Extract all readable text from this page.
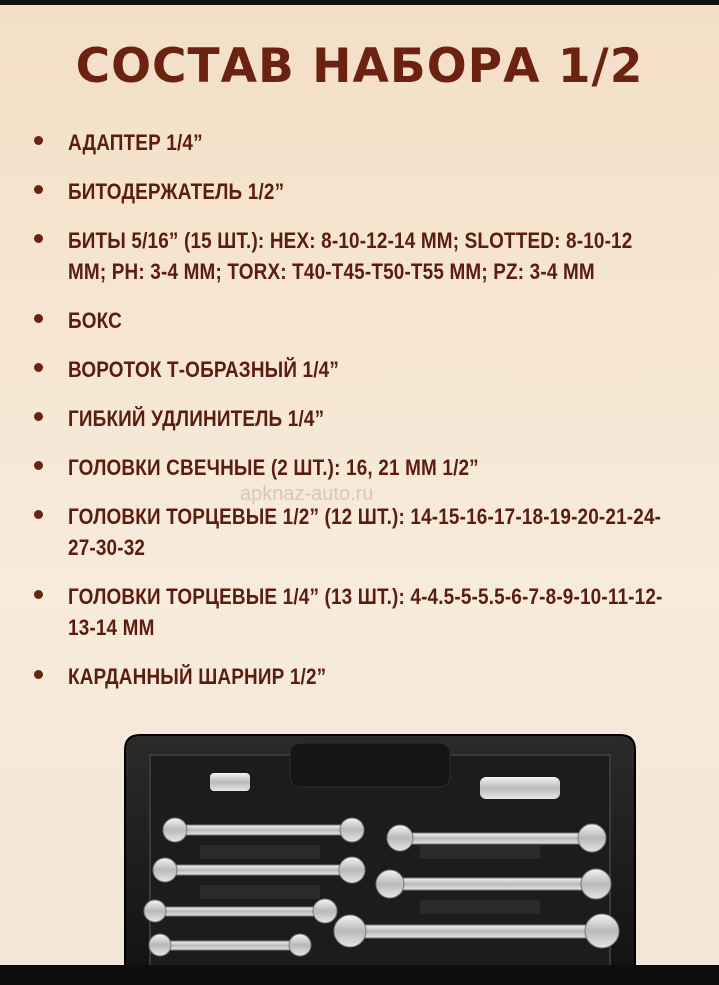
СОСТАВ НАБОРА 1/2
АДАПТЕР 1/4”
БИТОДЕРЖАТЕЛЬ 1/2”
БИТЫ 5/16” (15 ШТ.): HEX: 8-10-12-14 ММ; SLOTTED: 8-10-12 ММ; PH: 3-4 ММ; TORX: T40-T45-T50-T55 ММ; PZ: 3-4 ММ
БОКС
ВОРОТОК Т-ОБРАЗНЫЙ 1/4”
ГИБКИЙ УДЛИНИТЕЛЬ 1/4”
ГОЛОВКИ СВЕЧНЫЕ (2 ШТ.): 16, 21 ММ 1/2”
ГОЛОВКИ ТОРЦЕВЫЕ 1/2” (12 ШТ.): 14-15-16-17-18-19-20-21-24-27-30-32
ГОЛОВКИ ТОРЦЕВЫЕ 1/4” (13 ШТ.): 4-4.5-5-5.5-6-7-8-9-10-11-12-13-14 ММ
КАРДАННЫЙ ШАРНИР 1/2”
apknaz-auto.ru
